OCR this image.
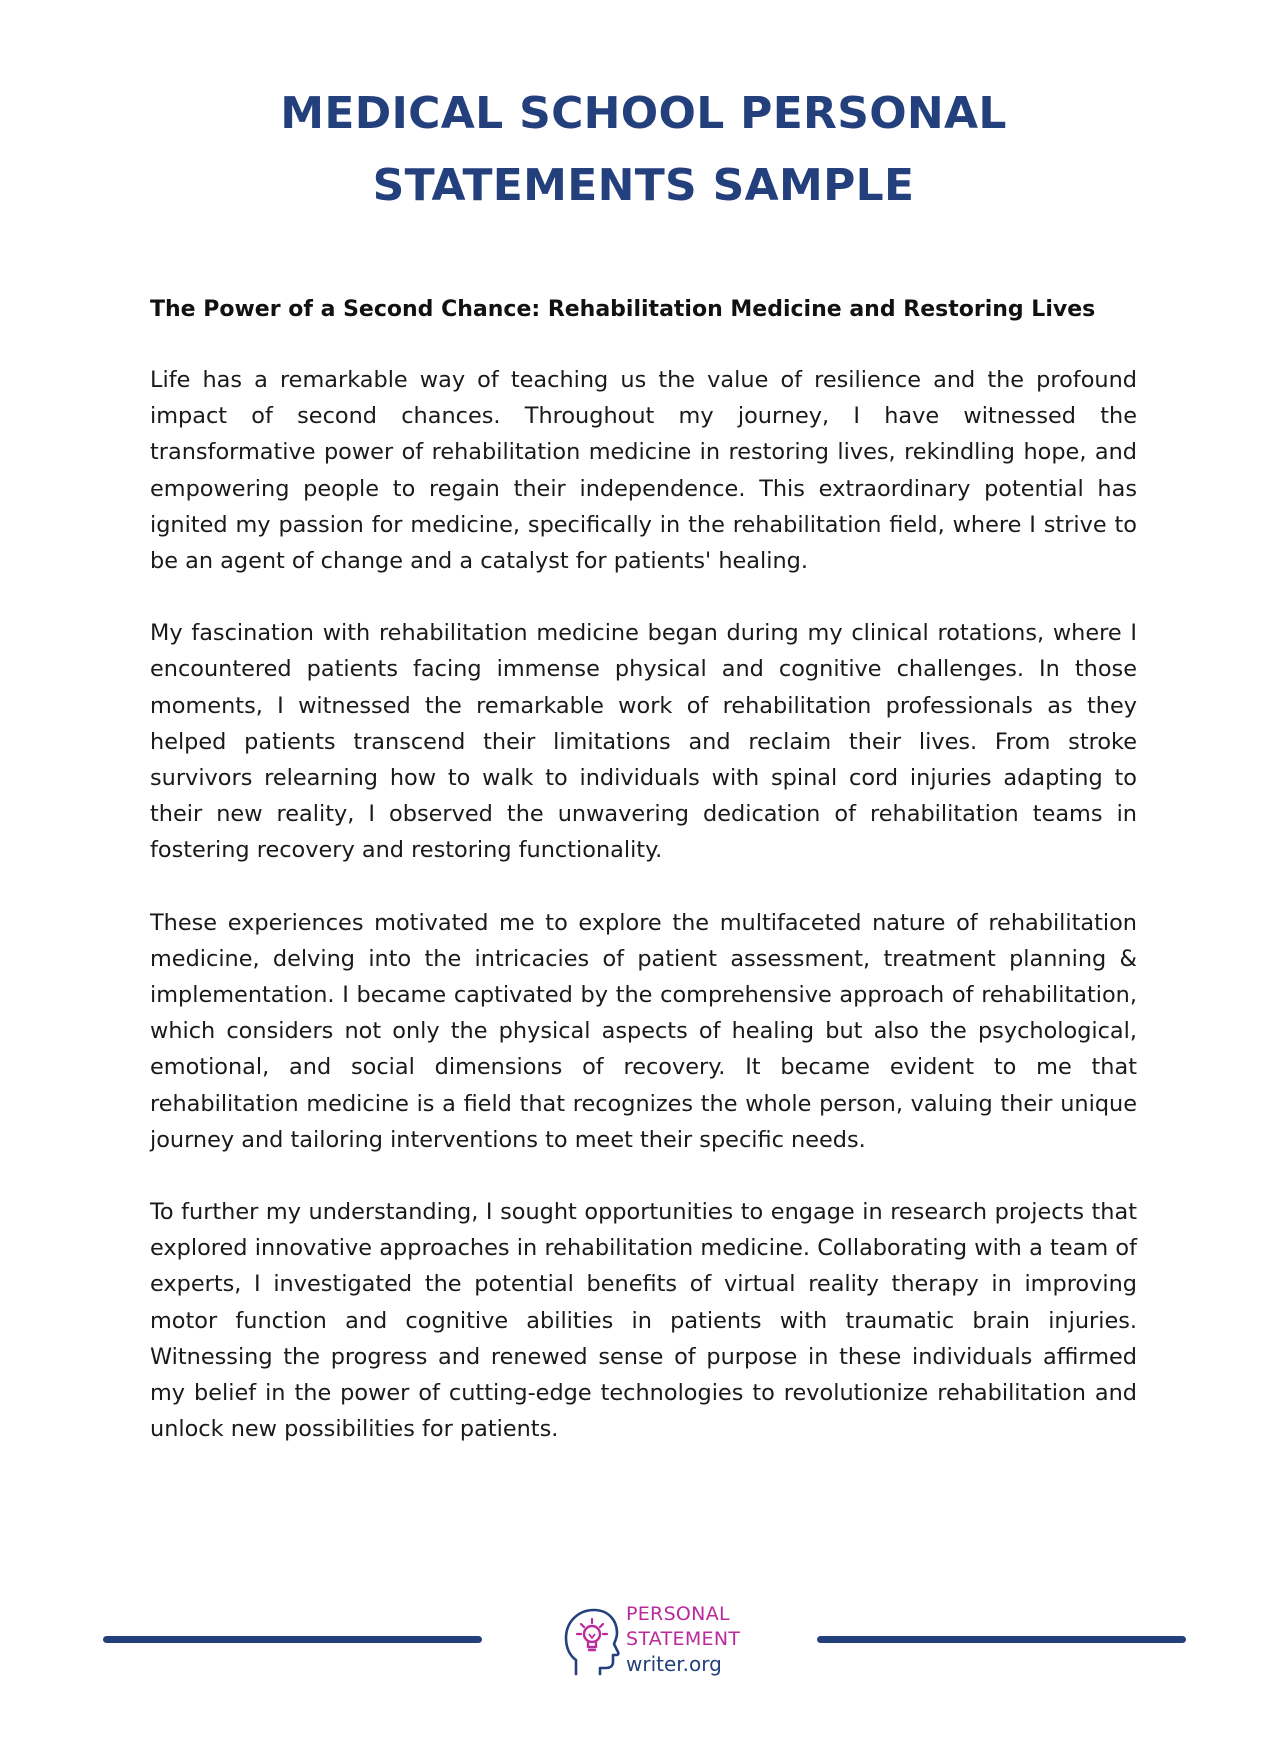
MEDICAL SCHOOL PERSONAL
STATEMENTS SAMPLE

The Power of a Second Chance: Rehabilitation Medicine and Restoring Lives

Life has a remarkable way of teaching us the value of resilience and the profound impact of second chances. Throughout my journey, I have witnessed the transformative power of rehabilitation medicine in restoring lives, rekindling hope, and empowering people to regain their independence. This extraordinary potential has ignited my passion for medicine, specifically in the rehabilitation field, where I strive to be an agent of change and a catalyst for patients' healing.

My fascination with rehabilitation medicine began during my clinical rotations, where I encountered patients facing immense physical and cognitive challenges. In those moments, I witnessed the remarkable work of rehabilitation professionals as they helped patients transcend their limitations and reclaim their lives. From stroke survivors relearning how to walk to individuals with spinal cord injuries adapting to their new reality, I observed the unwavering dedication of rehabilitation teams in fostering recovery and restoring functionality.

These experiences motivated me to explore the multifaceted nature of rehabilitation medicine, delving into the intricacies of patient assessment, treatment planning & implementation. I became captivated by the comprehensive approach of rehabilitation, which considers not only the physical aspects of healing but also the psychological, emotional, and social dimensions of recovery. It became evident to me that rehabilitation medicine is a field that recognizes the whole person, valuing their unique journey and tailoring interventions to meet their specific needs.

To further my understanding, I sought opportunities to engage in research projects that explored innovative approaches in rehabilitation medicine. Collaborating with a team of experts, I investigated the potential benefits of virtual reality therapy in improving motor function and cognitive abilities in patients with traumatic brain injuries. Witnessing the progress and renewed sense of purpose in these individuals affirmed my belief in the power of cutting-edge technologies to revolutionize rehabilitation and unlock new possibilities for patients.

PERSONAL
STATEMENT
writer.org
